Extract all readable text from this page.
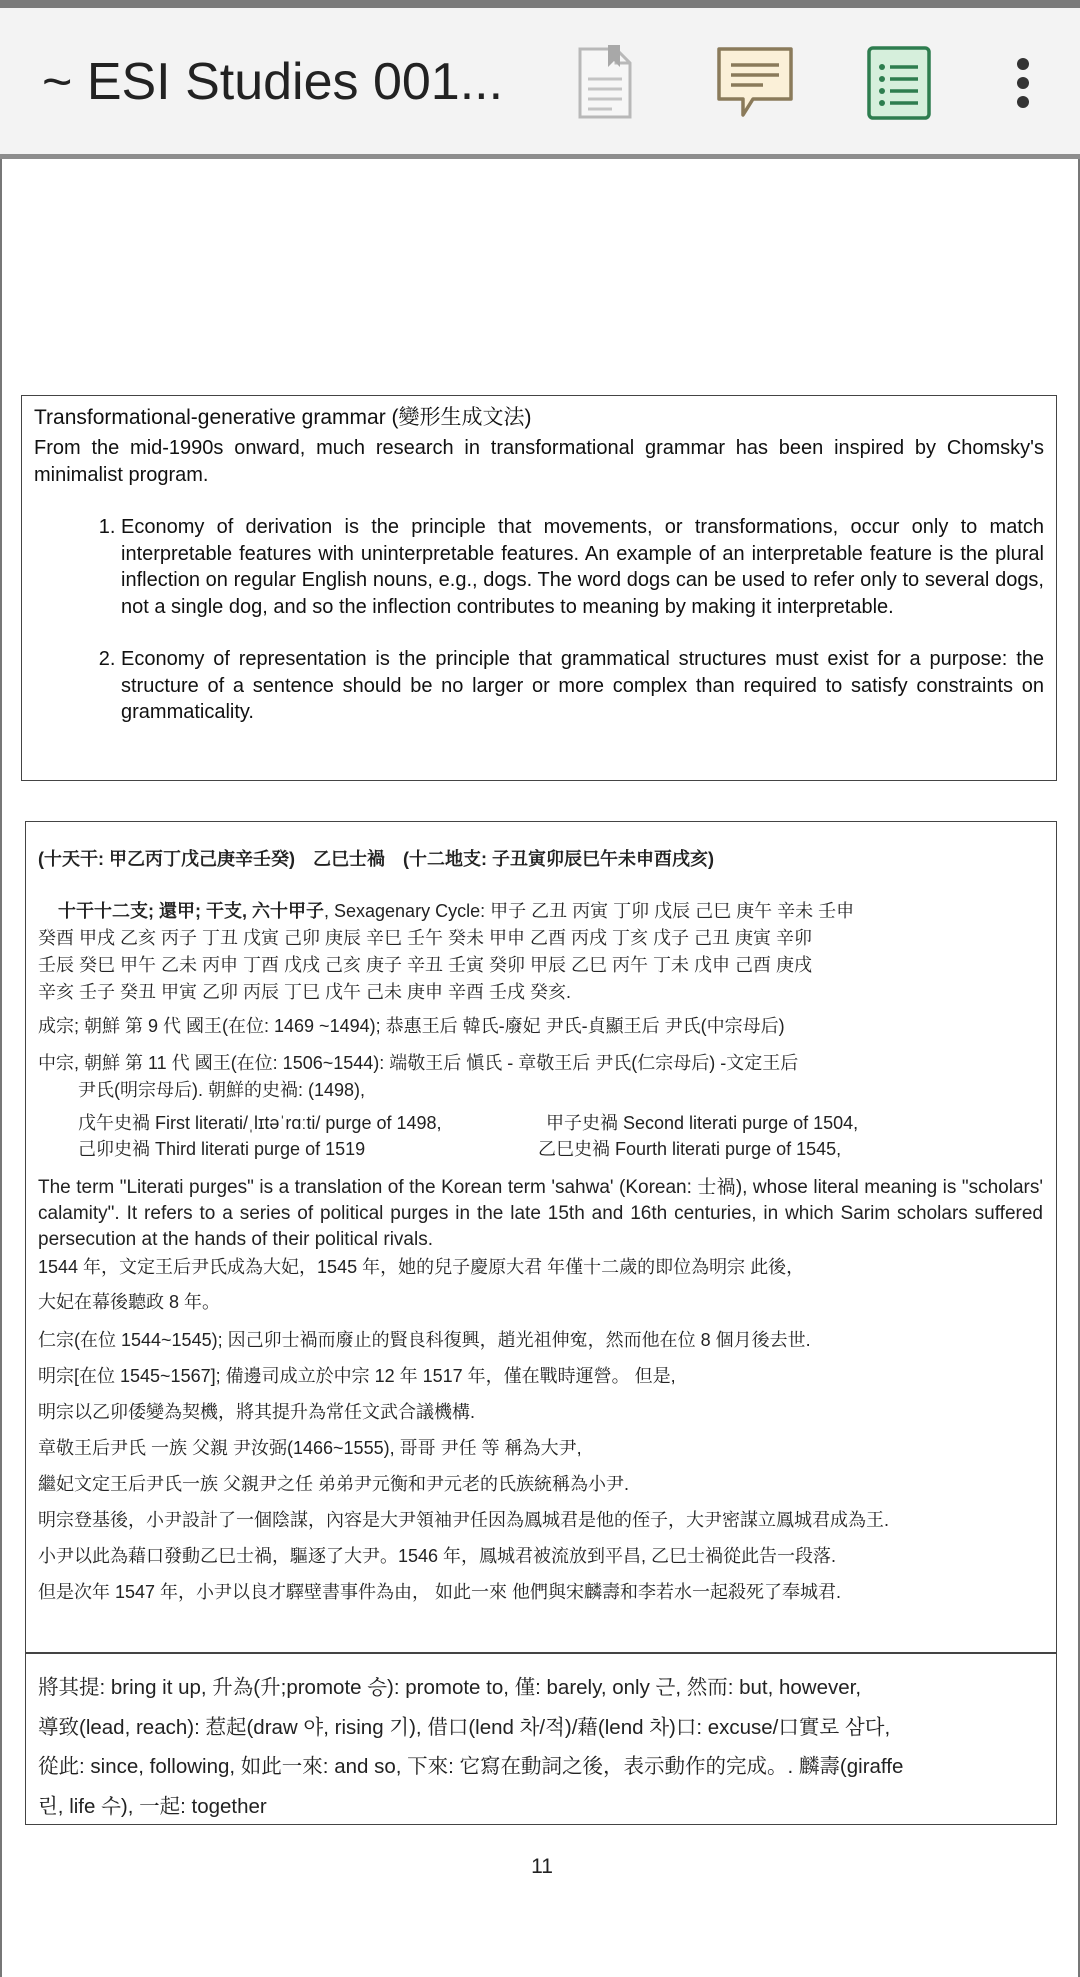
~ ESI Studies 001...
Transformational-generative grammar (變形生成文法)
From the mid-1990s onward, much research in transformational grammar has been inspired by Chomsky's minimalist program.
1. Economy of derivation is the principle that movements, or transformations, occur only to match interpretable features with uninterpretable features. An example of an interpretable feature is the plural inflection on regular English nouns, e.g., dogs. The word dogs can be used to refer only to several dogs, not a single dog, and so the inflection contributes to meaning by making it interpretable.
2. Economy of representation is the principle that grammatical structures must exist for a purpose: the structure of a sentence should be no larger or more complex than required to satisfy constraints on grammaticality.
(十天干: 甲乙丙丁戊己庚辛壬癸)　乙巳士禍　(十二地支: 子丑寅卯辰巳午未申酉戌亥)
十干十二支; 還甲; 干支, 六十甲子, Sexagenary Cycle: 甲子 乙丑 丙寅 丁卯 戊辰 己巳 庚午 辛未 壬申
癸酉 甲戌 乙亥 丙子 丁丑 戊寅 己卯 庚辰 辛巳 壬午 癸未 甲申 乙酉 丙戌 丁亥 戊子 己丑 庚寅 辛卯
壬辰 癸巳 甲午 乙未 丙申 丁酉 戊戌 己亥 庚子 辛丑 壬寅 癸卯 甲辰 乙巳 丙午 丁未 戊申 己酉 庚戌
辛亥 壬子 癸丑 甲寅 乙卯 丙辰 丁巳 戊午 己未 庚申 辛酉 壬戌 癸亥.
成宗; 朝鮮 第 9 代 國王(在位: 1469 ~1494); 恭惠王后 韓氏-廢妃 尹氏-貞顯王后 尹氏(中宗母后)
中宗, 朝鮮 第 11 代 國王(在位: 1506~1544): 端敬王后 愼氏 - 章敬王后 尹氏(仁宗母后) -文定王后
尹氏(明宗母后). 朝鮮的史禍: (1498),
戊午史禍 First literati/ˌlɪtəˈrɑːti/ purge of 1498,	甲子史禍 Second literati purge of 1504,
己卯史禍 Third literati purge of 1519	乙巳史禍 Fourth literati purge of 1545,
The term "Literati purges" is a translation of the Korean term 'sahwa' (Korean: 士禍), whose literal meaning is "scholars' calamity". It refers to a series of political purges in the late 15th and 16th centuries, in which Sarim scholars suffered persecution at the hands of their political rivals.
1544 年，文定王后尹氏成為大妃，1545 年，她的兒子慶原大君 年僅十二歲的即位為明宗 此後，
大妃在幕後聽政 8 年。
仁宗(在位 1544~1545); 因己卯士禍而廢止的賢良科復興，趙光祖伸寃，然而他在位 8 個月後去世.
明宗[在位 1545~1567]; 備邊司成立於中宗 12 年 1517 年，僅在戰時運營。 但是,
明宗以乙卯倭變為契機，將其提升為常任文武合議機構.
章敬王后尹氏 一族 父親 尹汝弼(1466~1555), 哥哥 尹任 等 稱為大尹,
繼妃文定王后尹氏一族 父親尹之任 弟弟尹元衡和尹元老的氏族統稱為小尹.
明宗登基後，小尹設計了一個陰謀，內容是大尹領袖尹任因為鳳城君是他的侄子，大尹密謀立鳳城君成為王.
小尹以此為藉口發動乙巳士禍，驅逐了大尹。1546 年，鳳城君被流放到平昌, 乙巳士禍從此告一段落.
但是次年 1547 年，小尹以良才驛壁書事件為由， 如此一來 他們與宋麟壽和李若水一起殺死了奉城君.
將其提: bring it up, 升為(升;promote 승): promote to, 僅: barely, only 근, 然而: but, however,
導致(lead, reach): 惹起(draw 야, rising 기), 借口(lend 차/적)/藉(lend 차)口: excuse/口實로 삼다,
從此: since, following, 如此一來: and so, 下來: 它寫在動詞之後，表示動作的完成。. 麟壽(giraffe
린, life 수), 一起: together
11
